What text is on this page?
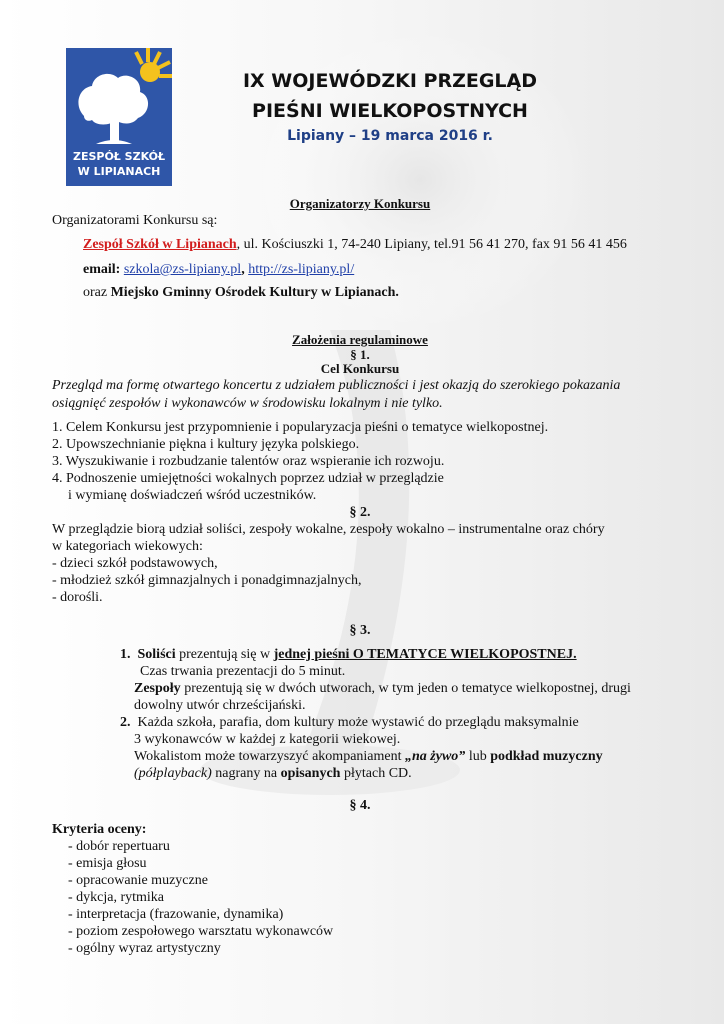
ZESPÓŁ SZKÓŁ
W LIPIANACH
IX WOJEWÓDZKI PRZEGLĄD
PIEŚNI WIELKOPOSTNYCH
Lipiany – 19 marca 2016 r.
Organizatorzy Konkursu
Organizatorami Konkursu są:
Zespół Szkół w Lipianach, ul. Kościuszki 1, 74-240 Lipiany, tel.91 56 41 270, fax 91 56 41 456
email: szkola@zs-lipiany.pl, http://zs-lipiany.pl/
oraz Miejsko Gminny Ośrodek Kultury w Lipianach.
Założenia regulaminowe
§ 1.
Cel Konkursu
Przegląd ma formę otwartego koncertu z udziałem publiczności i jest okazją do szerokiego pokazania
osiągnięć zespołów i wykonawców w środowisku lokalnym i nie tylko.
1. Celem Konkursu jest przypomnienie i popularyzacja pieśni o tematyce wielkopostnej.
2. Upowszechnianie piękna i kultury języka polskiego.
3. Wyszukiwanie i rozbudzanie talentów oraz wspieranie ich rozwoju.
4. Podnoszenie umiejętności wokalnych poprzez udział w przeglądzie
i wymianę doświadczeń wśród uczestników.
§ 2.
W przeglądzie biorą udział soliści, zespoły wokalne, zespoły wokalno – instrumentalne oraz chóry
w kategoriach wiekowych:
- dzieci szkół podstawowych,
- młodzież szkół gimnazjalnych i ponadgimnazjalnych,
- dorośli.
§ 3.
1. Soliści prezentują się w jednej pieśni O TEMATYCE WIELKOPOSTNEJ.
Czas trwania prezentacji do 5 minut.
Zespoły prezentują się w dwóch utworach, w tym jeden o tematyce wielkopostnej, drugi
dowolny utwór chrześcijański.
2. Każda szkoła, parafia, dom kultury może wystawić do przeglądu maksymalnie
3 wykonawców w każdej z kategorii wiekowej.
Wokalistom może towarzyszyć akompaniament „na żywo” lub podkład muzyczny
(półplayback) nagrany na opisanych płytach CD.
§ 4.
Kryteria oceny:
- dobór repertuaru
- emisja głosu
- opracowanie muzyczne
- dykcja, rytmika
- interpretacja (frazowanie, dynamika)
- poziom zespołowego warsztatu wykonawców
- ogólny wyraz artystyczny
